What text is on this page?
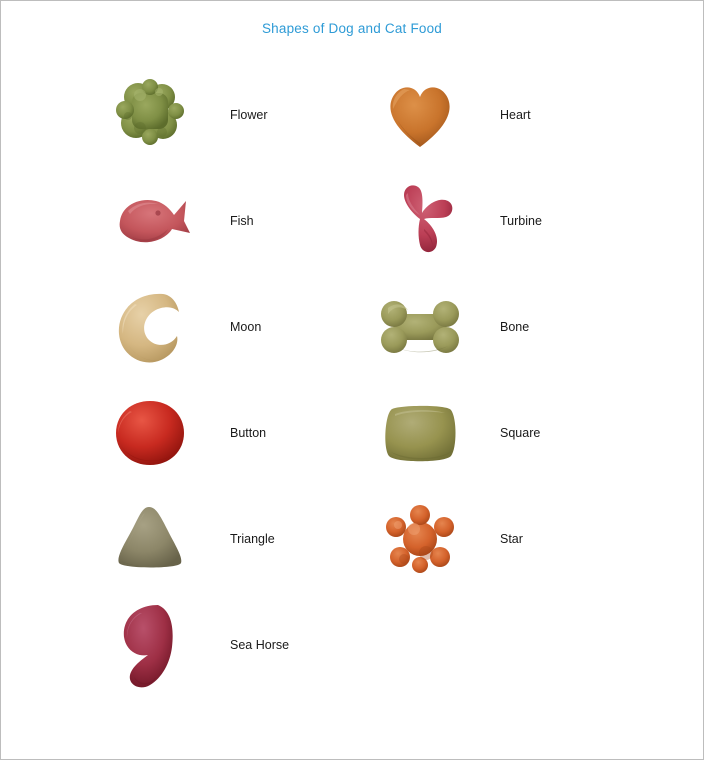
Shapes of Dog and Cat Food
Flower	Heart
Fish	Turbine
Moon	Bone
Button	Square
Triangle	Star
Sea Horse
